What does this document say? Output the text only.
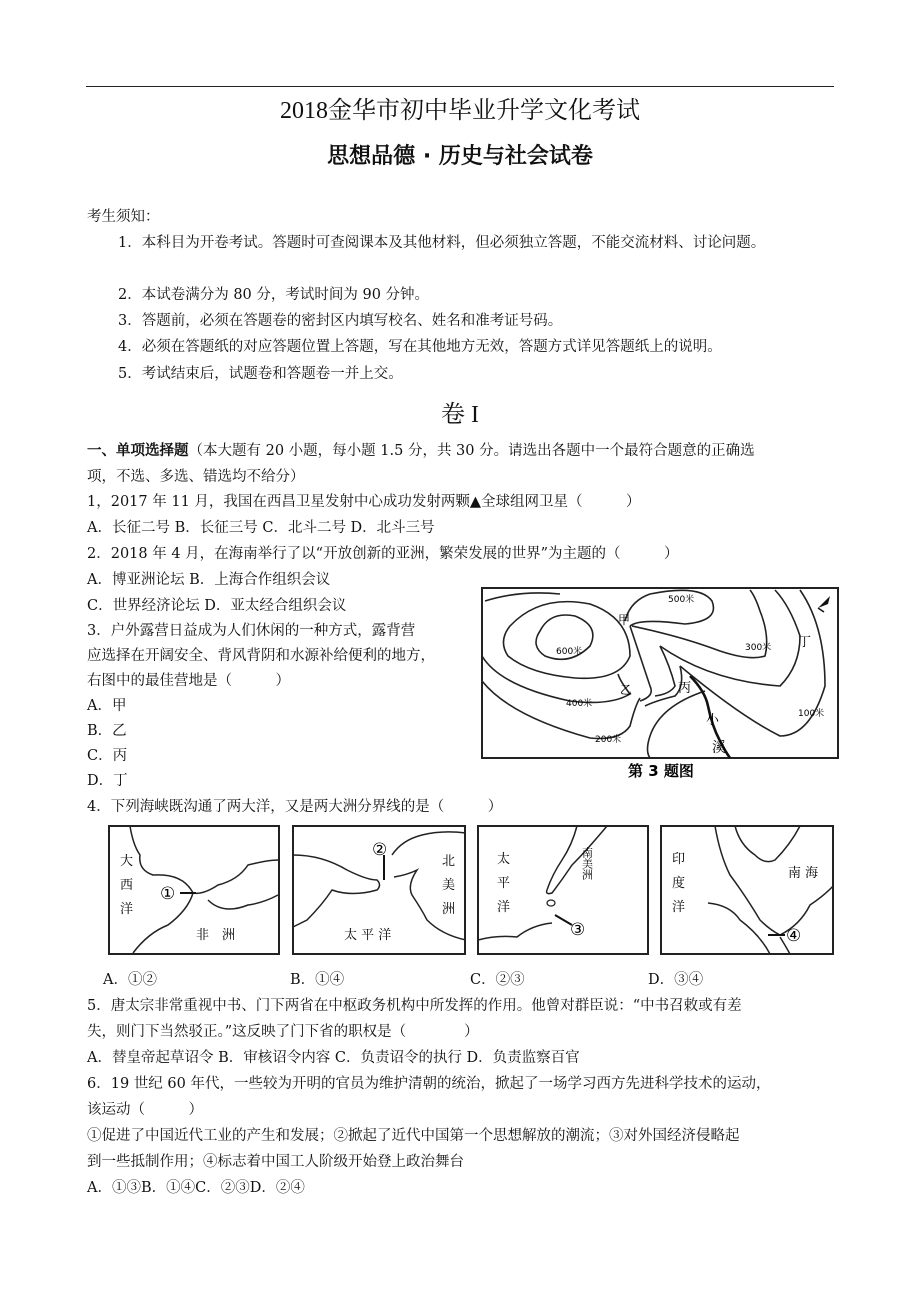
2018金华市初中毕业升学文化考试
思想品德 · 历史与社会试卷
考生须知：
1．本科目为开卷考试。答题时可查阅课本及其他材料，但必须独立答题，不能交流材料、讨论问题。
2．本试卷满分为 80 分，考试时间为 90 分钟。
3．答题前，必须在答题卷的密封区内填写校名、姓名和准考证号码。
4．必须在答题纸的对应答题位置上答题，写在其他地方无效，答题方式详见答题纸上的说明。
5．考试结束后，试题卷和答题卷一并上交。
卷 I
一、单项选择题（本大题有 20 小题，每小题 1.5 分，共 30 分。请选出各题中一个最符合题意的正确选
项，不选、多选、错选均不给分）
1，2017 年 11 月，我国在西昌卫星发射中心成功发射两颗▲全球组网卫星（　　　）
A．长征二号 B．长征三号 C．北斗二号 D．北斗三号
2．2018 年 4 月，在海南举行了以“开放创新的亚洲，繁荣发展的世界”为主题的（　　　）
A．博亚洲论坛 B．上海合作组织会议
C．世界经济论坛 D．亚太经合组织会议
3．户外露营日益成为人们休闲的一种方式，露背营
应选择在开阔安全、背风背阴和水源补给便利的地方，
右图中的最佳营地是（　　　）
A．甲
B．乙
C．丙
D．丁
600米
500米
400米
300米
200米
100米
甲
乙	丙
丁
小
溪
第 3 题图
4．下列海峡既沟通了两大洋，又是两大洲分界线的是（　　　）
大
西
洋
非　洲
①
②
北
美
洲
太 平 洋	③
太
平
洋
南美洲
④
印
度
洋
南 海
A．①②	B．①④	C．②③	D．③④
5．唐太宗非常重视中书、门下两省在中枢政务机构中所发挥的作用。他曾对群臣说：“中书召敕或有差
失，则门下当然驳正。”这反映了门下省的职权是（　　　　）
A．替皇帝起草诏令 B．审核诏令内容 C．负责诏令的执行 D．负责监察百官
6．19 世纪 60 年代，一些较为开明的官员为维护清朝的统治，掀起了一场学习西方先进科学技术的运动，
该运动（　　　）
①促进了中国近代工业的产生和发展；②掀起了近代中国第一个思想解放的潮流；③对外国经济侵略起
到一些抵制作用；④标志着中国工人阶级开始登上政治舞台
A．①③B．①④C．②③D．②④
